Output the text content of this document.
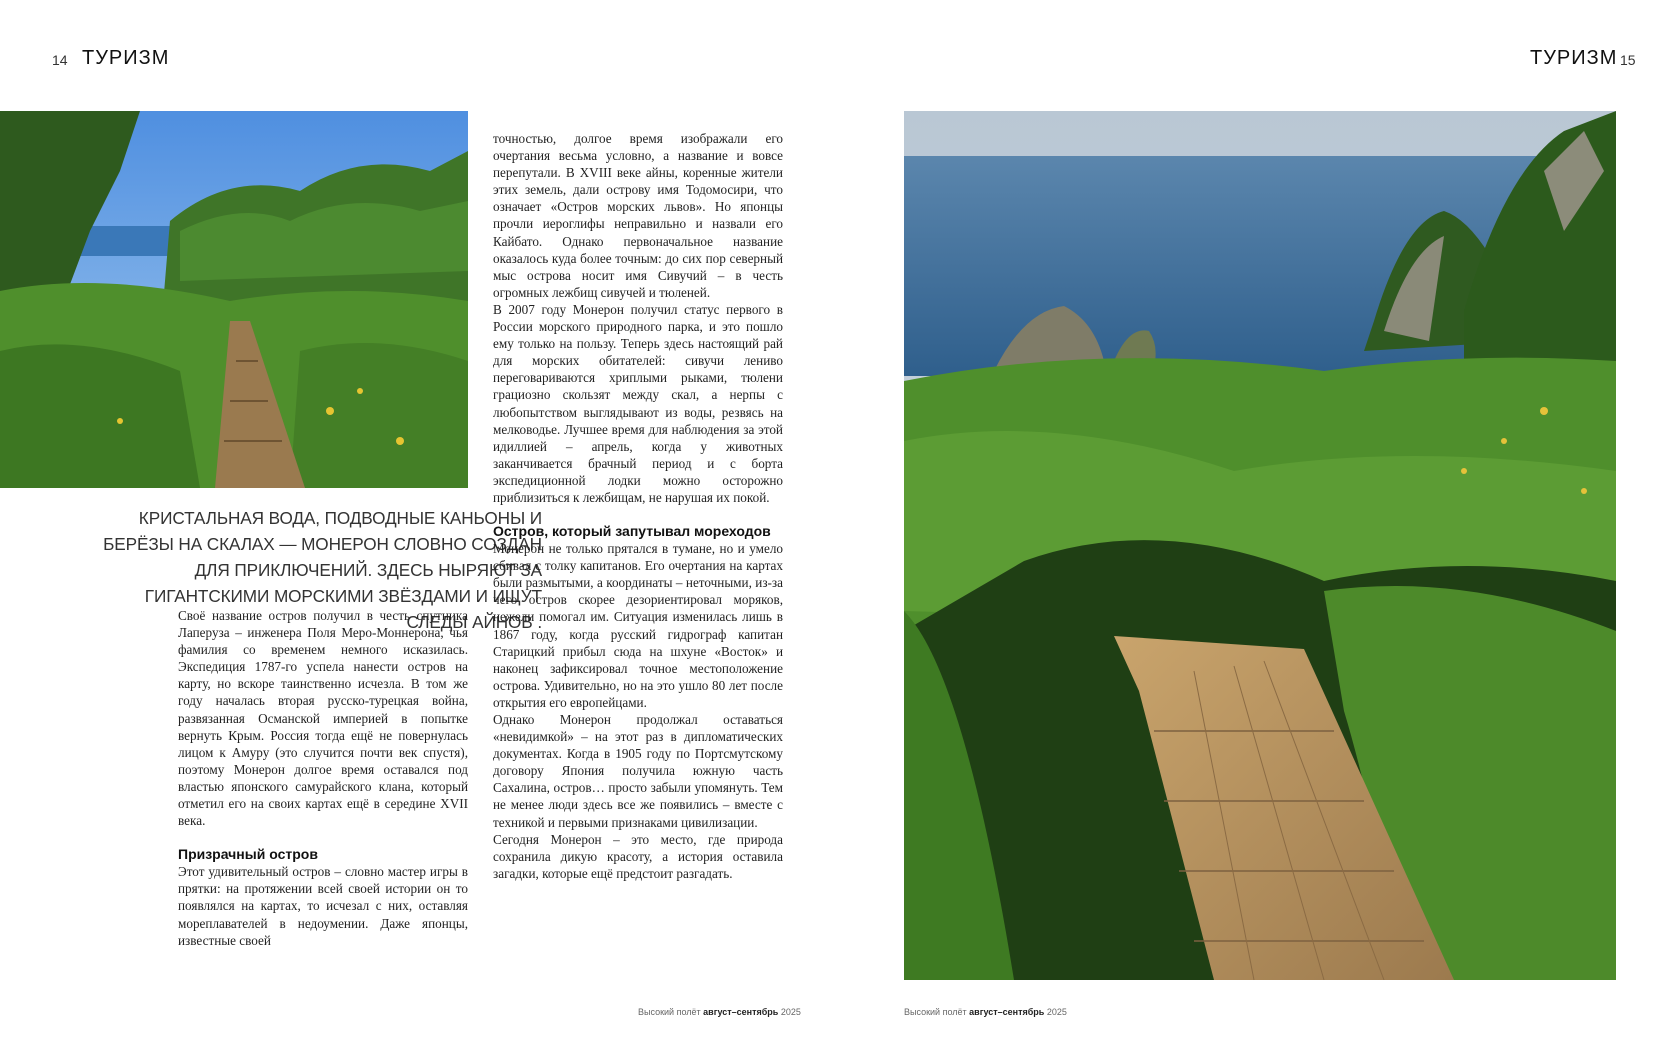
14 ТУРИЗМ	ТУРИЗМ 15
КРИСТАЛЬНАЯ ВОДА, ПОДВОДНЫЕ КАНЬОНЫ И БЕРЁЗЫ НА СКАЛАХ — МОНЕРОН СЛОВНО СОЗДАН ДЛЯ ПРИКЛЮЧЕНИЙ. ЗДЕСЬ НЫРЯЮТ ЗА ГИГАНТСКИМИ МОРСКИМИ ЗВЁЗДАМИ И ИЩУТ СЛЕДЫ АЙНОВ .

Своё название остров получил в честь спутника Лаперуза – инженера Поля Меро-Моннерона, чья фамилия со временем немного исказилась. Экспедиция 1787-го успела нанести остров на карту, но вскоре таинственно исчезла. В том же году началась вторая русско-турецкая война, развязанная Османской империей в попытке вернуть Крым. Россия тогда ещё не повернулась лицом к Амуру (это случится почти век спустя), поэтому Монерон долгое время оставался под властью японского самурайского клана, который отметил его на своих картах ещё в середине XVII века.

Призрачный остров

Этот удивительный остров – словно мастер игры в прятки: на протяжении всей своей истории он то появлялся на картах, то исчезал с них, оставляя мореплавателей в недоумении. Даже японцы, известные своей

точностью, долгое время изображали его очертания весьма условно, а название и вовсе перепутали. В XVIII веке айны, коренные жители этих земель, дали острову имя Тодомосири, что означает «Остров морских львов». Но японцы прочли иероглифы неправильно и назвали его Кайбато. Однако первоначальное название оказалось куда более точным: до сих пор северный мыс острова носит имя Сивучий – в честь огромных лежбищ сивучей и тюленей.

В 2007 году Монерон получил статус первого в России морского природного парка, и это пошло ему только на пользу. Теперь здесь настоящий рай для морских обитателей: сивучи лениво переговариваются хриплыми рыками, тюлени грациозно скользят между скал, а нерпы с любопытством выглядывают из воды, резвясь на мелководье. Лучшее время для наблюдения за этой идиллией – апрель, когда у животных заканчивается брачный период и с борта экспедиционной лодки можно осторожно приблизиться к лежбищам, не нарушая их покой.

Остров, который запутывал мореходов

Монерон не только прятался в тумане, но и умело сбивал с толку капитанов. Его очертания на картах были размытыми, а координаты – неточными, из-за чего остров скорее дезориентировал моряков, нежели помогал им. Ситуация изменилась лишь в 1867 году, когда русский гидрограф капитан Старицкий прибыл сюда на шхуне «Восток» и наконец зафиксировал точное местоположение острова. Удивительно, но на это ушло 80 лет после открытия его европейцами.

Однако Монерон продолжал оставаться «невидимкой» – на этот раз в дипломатических документах. Когда в 1905 году по Портсмутскому договору Япония получила южную часть Сахалина, остров… просто забыли упомянуть. Тем не менее люди здесь все же появились – вместе с техникой и первыми признаками цивилизации.

Сегодня Монерон – это место, где природа сохранила дикую красоту, а история оставила загадки, которые ещё предстоит разгадать.

Высокий полёт август–сентябрь 2025	Высокий полёт август–сентябрь 2025
